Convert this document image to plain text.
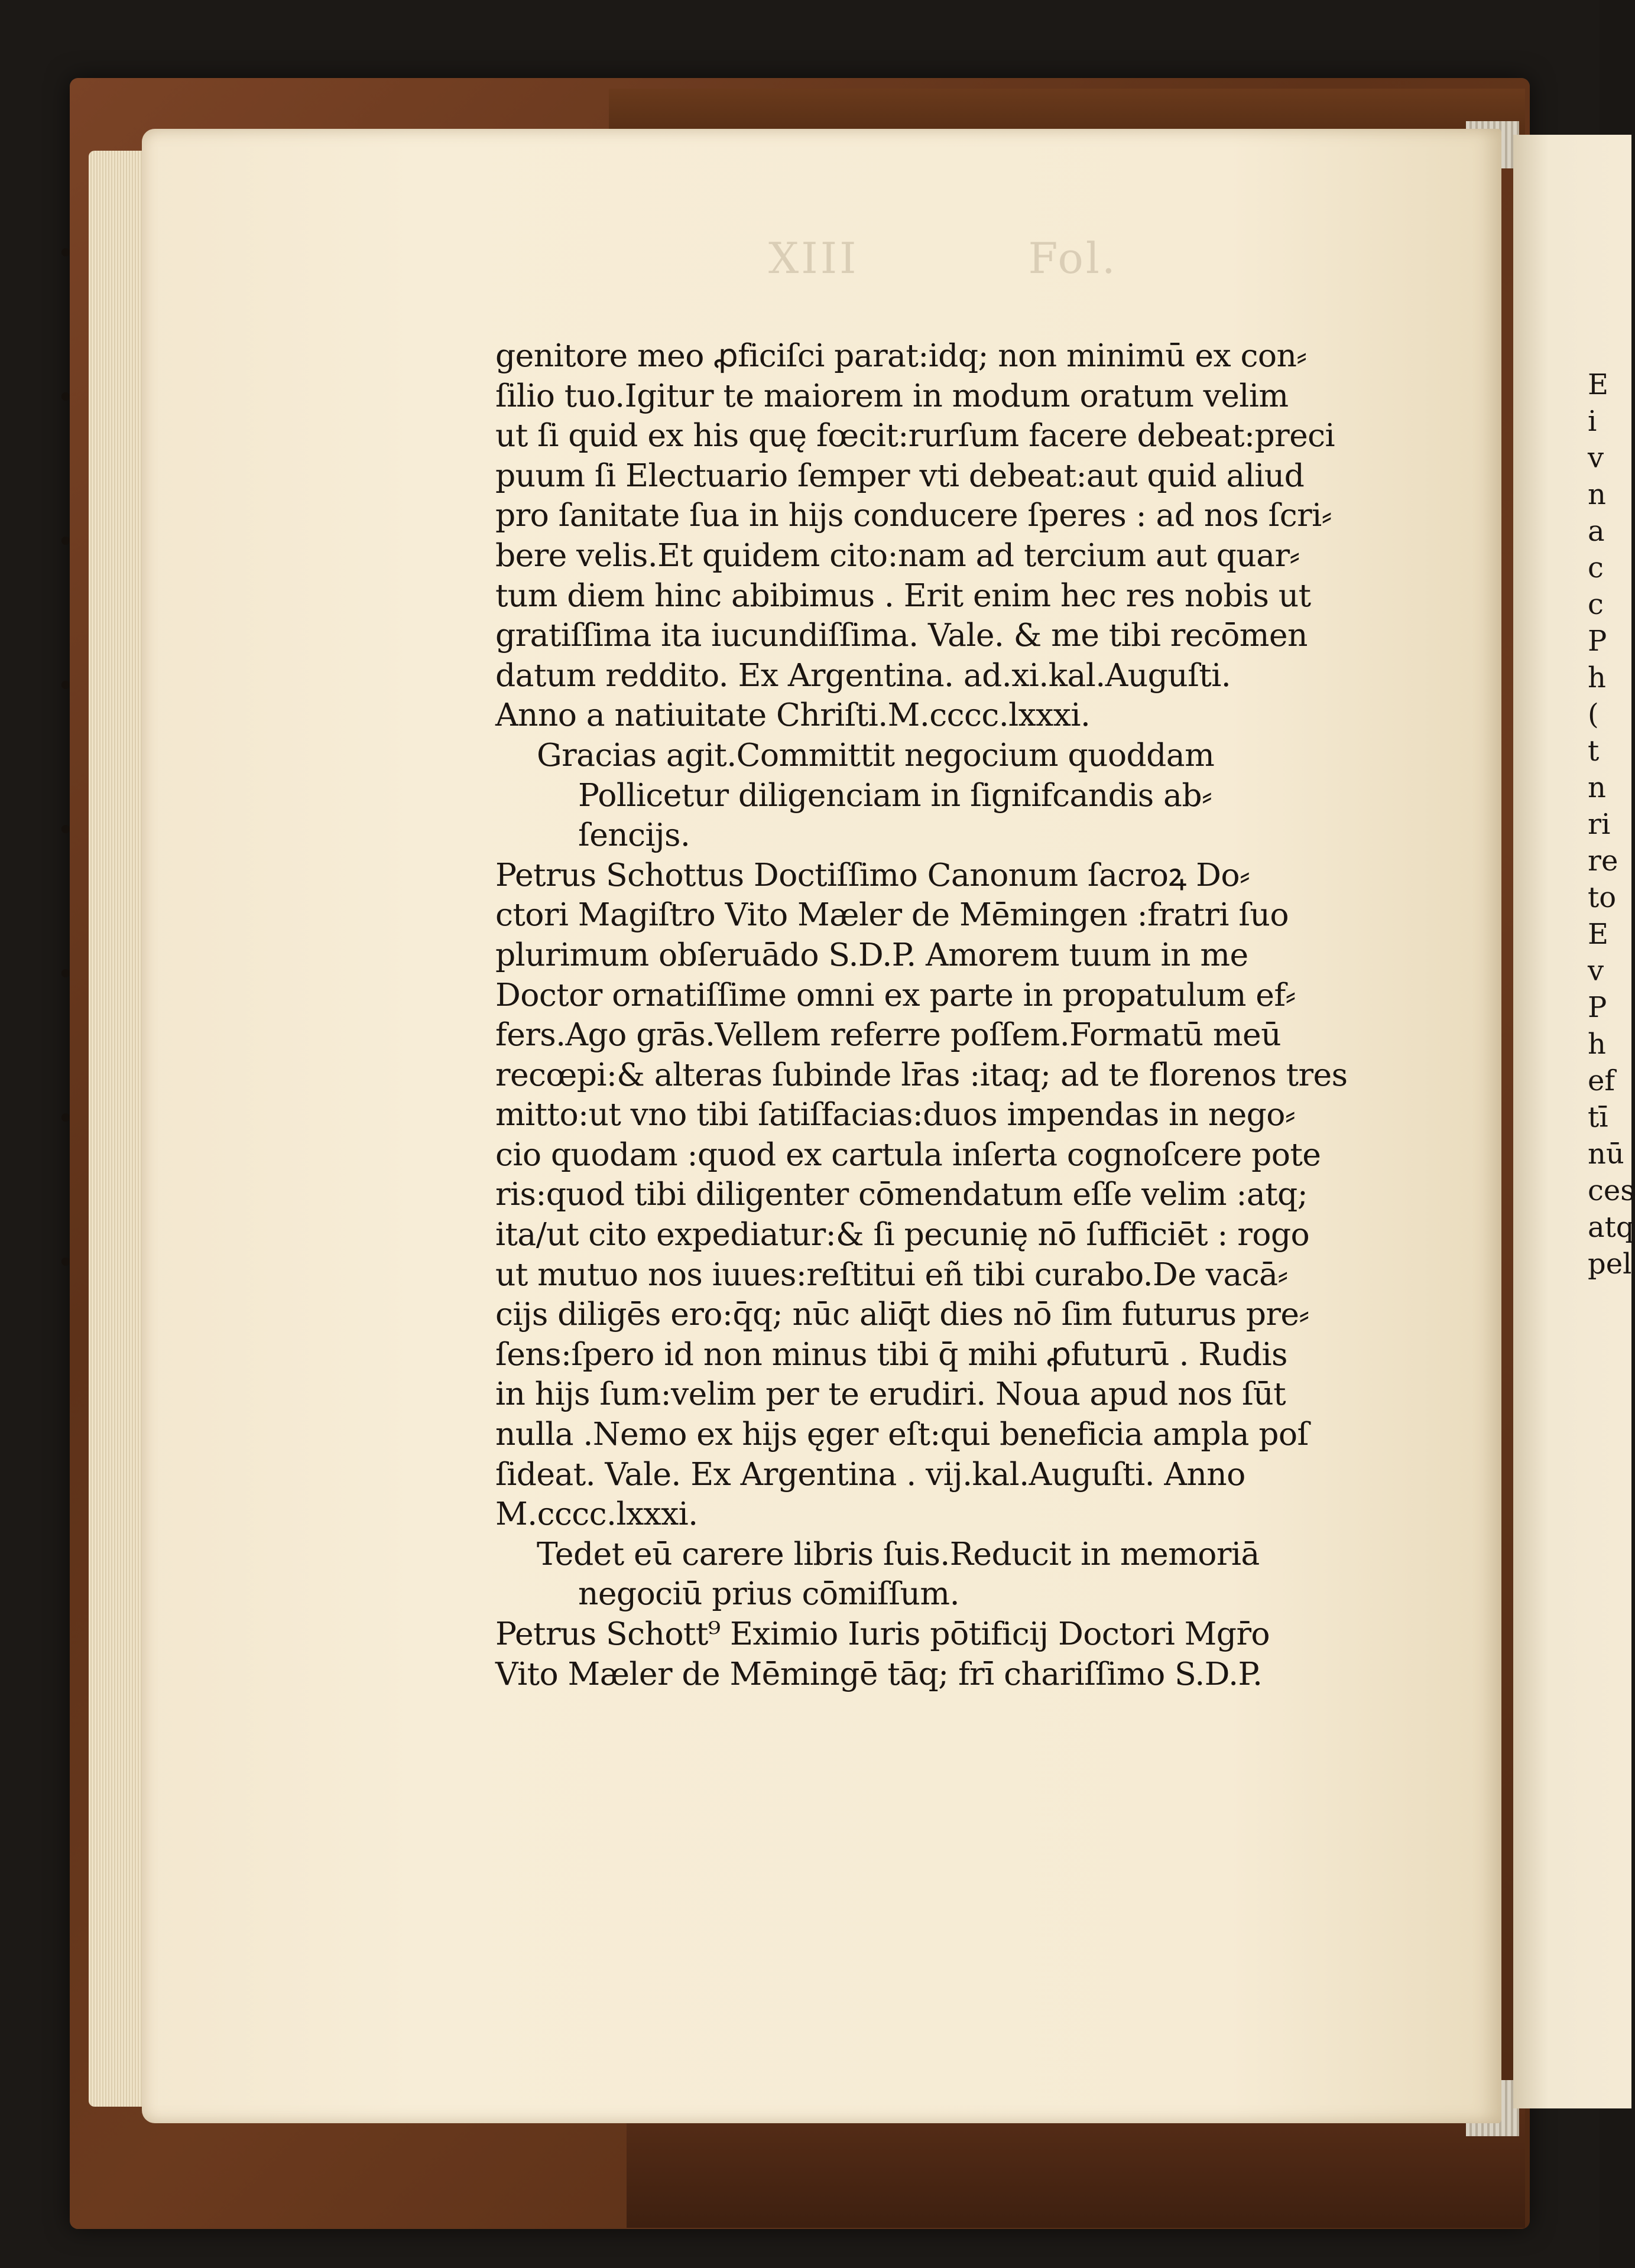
E
i
v
n
a
c
c
P
h
(
t
n
ri
re
to
E
v
P
h
ef
tī
nū
ces
atq
pel
XIII	Fol.
genitore meo ꝓficiſci parat:idq; non minimū ex con⸗
ſilio tuo.Igitur te maiorem in modum oratum velim
ut ſi quid ex his quę fœcit:rurſum facere debeat:preci
puum ſi Electuario ſemper vti debeat:aut quid aliud
pro ſanitate ſua in hijs conducere ſperes : ad nos ſcri⸗
bere velis.Et quidem cito:nam ad tercium aut quar⸗
tum diem hinc abibimus . Erit enim hec res nobis ut
gratiſſima ita iucundiſſima. Vale. & me tibi recōmen
datum reddito. Ex Argentina. ad.xi.kal.Auguſti.
Anno a natiuitate Chriſti.M.cccc.lxxxi.
Gracias agit.Committit negocium quoddam
Pollicetur diligenciam in ſignifcandis ab⸗
ſencijs.
Petrus Schottus Doctiſſimo Canonum ſacroꝝ Do⸗
ctori Magiſtro Vito Mæler de Mēmingen :fratri ſuo
plurimum obſeruādo S.D.P. Amorem tuum in me
Doctor ornatiſſime omni ex parte in propatulum ef⸗
fers.Ago grās.Vellem referre poſſem.Formatū meū
recœpi:& alteras ſubinde lr̄as :itaq; ad te florenos tres
mitto:ut vno tibi ſatiſfacias:duos impendas in nego⸗
cio quodam :quod ex cartula inſerta cognoſcere pote
ris:quod tibi diligenter cōmendatum eſſe velim :atq;
ita/ut cito expediatur:& ſi pecunię nō ſufficiēt : rogo
ut mutuo nos iuues:reſtitui eñ tibi curabo.De vacā⸗
cijs diligēs ero:q̄q; nūc aliq̄t dies nō ſim futurus pre⸗
ſens:ſpero id non minus tibi q̄ mihi ꝓfuturū . Rudis
in hijs ſum:velim per te erudiri. Noua apud nos ſūt
nulla .Nemo ex hijs ęger eſt:qui beneficia ampla poſ
ſideat. Vale. Ex Argentina . vij.kal.Auguſti. Anno
M.cccc.lxxxi.
Tedet eū carere libris ſuis.Reducit in memoriā
negociū prius cōmiſſum.
Petrus Schott⁹ Eximio Iuris pōtificij Doctori Mgr̄o
Vito Mæler de Mēmingē tāq; frī chariſſimo S.D.P.
